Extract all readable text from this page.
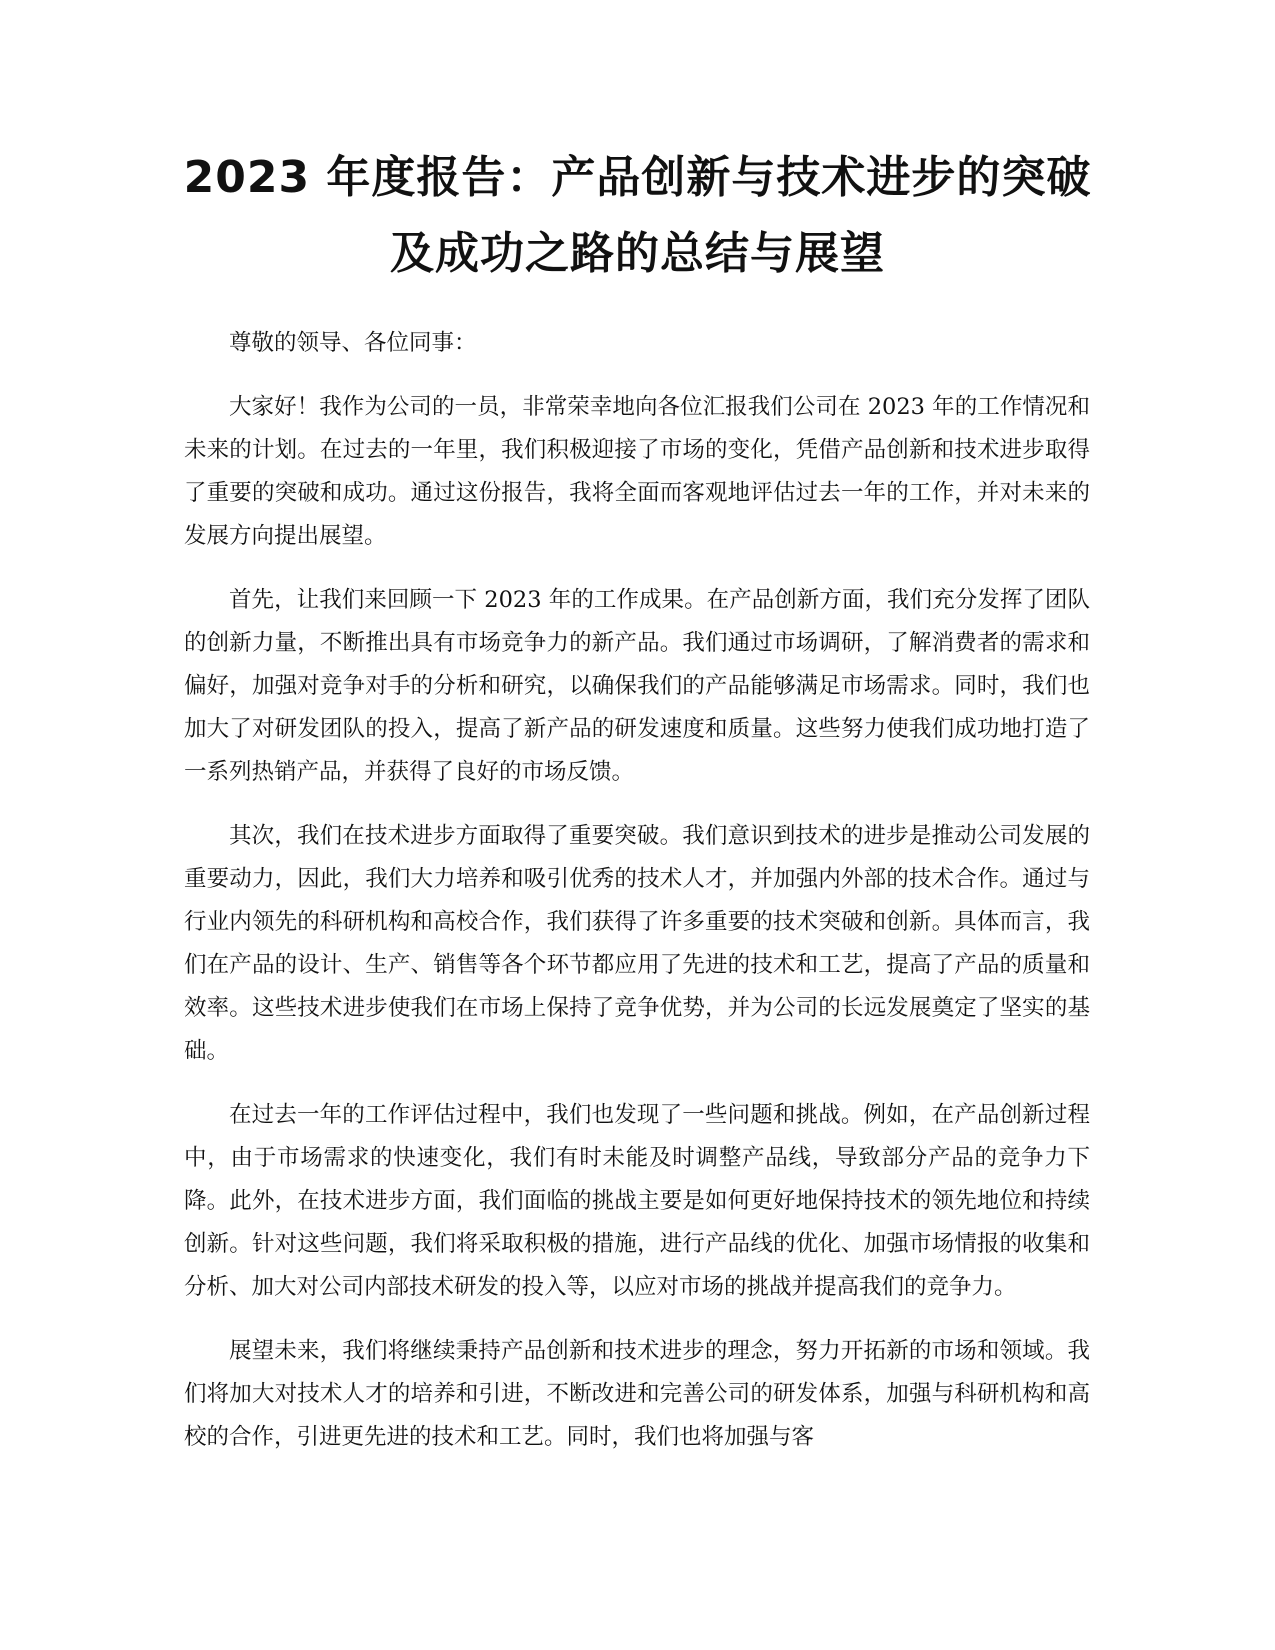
2023 年度报告：产品创新与技术进步的突破
及成功之路的总结与展望

尊敬的领导、各位同事：

大家好！我作为公司的一员，非常荣幸地向各位汇报我们公司在 2023 年的工作情况和未来的计划。在过去的一年里，我们积极迎接了市场的变化，凭借产品创新和技术进步取得了重要的突破和成功。通过这份报告，我将全面而客观地评估过去一年的工作，并对未来的发展方向提出展望。

首先，让我们来回顾一下 2023 年的工作成果。在产品创新方面，我们充分发挥了团队的创新力量，不断推出具有市场竞争力的新产品。我们通过市场调研，了解消费者的需求和偏好，加强对竞争对手的分析和研究，以确保我们的产品能够满足市场需求。同时，我们也加大了对研发团队的投入，提高了新产品的研发速度和质量。这些努力使我们成功地打造了一系列热销产品，并获得了良好的市场反馈。

其次，我们在技术进步方面取得了重要突破。我们意识到技术的进步是推动公司发展的重要动力，因此，我们大力培养和吸引优秀的技术人才，并加强内外部的技术合作。通过与行业内领先的科研机构和高校合作，我们获得了许多重要的技术突破和创新。具体而言，我们在产品的设计、生产、销售等各个环节都应用了先进的技术和工艺，提高了产品的质量和效率。这些技术进步使我们在市场上保持了竞争优势，并为公司的长远发展奠定了坚实的基础。

在过去一年的工作评估过程中，我们也发现了一些问题和挑战。例如，在产品创新过程中，由于市场需求的快速变化，我们有时未能及时调整产品线，导致部分产品的竞争力下降。此外，在技术进步方面，我们面临的挑战主要是如何更好地保持技术的领先地位和持续创新。针对这些问题，我们将采取积极的措施，进行产品线的优化、加强市场情报的收集和分析、加大对公司内部技术研发的投入等，以应对市场的挑战并提高我们的竞争力。

展望未来，我们将继续秉持产品创新和技术进步的理念，努力开拓新的市场和领域。我们将加大对技术人才的培养和引进，不断改进和完善公司的研发体系，加强与科研机构和高校的合作，引进更先进的技术和工艺。同时，我们也将加强与客
